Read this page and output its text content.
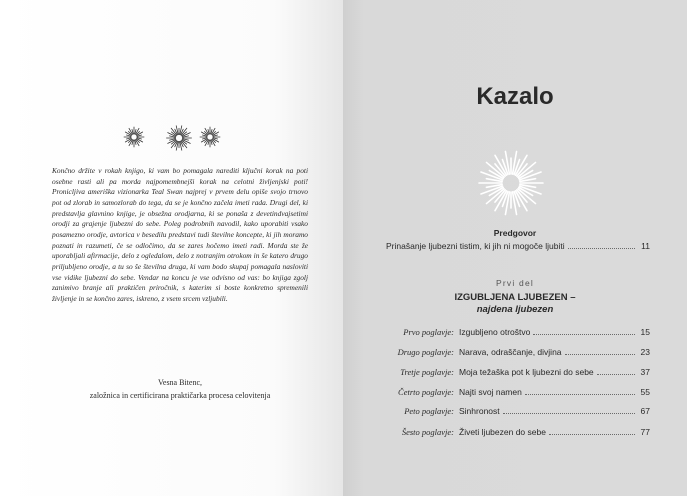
Končno držite v rokah knjigo, ki vam bo pomagala narediti ključni korak na poti osebne rasti ali pa morda najpomembnejši korak na celotni življenjski poti! Pronicljiva ameriška vizionarka Teal Swan najprej v prvem delu opiše svojo trnovo pot od zlorab in samozlorab do tega, da se je končno začela imeti rada. Drugi del, ki predstavlja glavnino knjige, je obsežna orodjarna, ki se ponaša z devetindvajsetimi orodji za grajenje ljubezni do sebe. Poleg podrobnih navodil, kako uporabiti vsako posamezno orodje, avtorica v besedilu predstavi tudi številne koncepte, ki jih moramo poznati in razumeti, če se odločimo, da se zares hočemo imeti radi. Morda ste že uporabljali afirmacije, delo z ogledalom, delo z notranjim otrokom in še katero drugo priljubljeno orodje, a tu so še številna druga, ki vam bodo skupaj pomagala nasloviti vse vidike ljubezni do sebe. Vendar na koncu je vse odvisno od vas: bo knjiga zgolj zanimivo branje ali praktičen priročnik, s katerim si boste konkretno spremenili življenje in se končno zares, iskreno, z vsem srcem vzljubili.

Vesna Bitenc,
založnica in certificirana praktičarka procesa celovitenja
Kazalo
Predgovor
Prinašanje ljubezni tistim, ki jih ni mogoče ljubiti	11
Prvi del
IZGUBLJENA LJUBEZEN –
najdena ljubezen
Prvo poglavje: Izgubljeno otroštvo	15
Drugo poglavje: Narava, odraščanje, divjina	23
Tretje poglavje: Moja težaška pot k ljubezni do sebe	37
Četrto poglavje: Najti svoj namen	55
Peto poglavje: Sinhronost	67
Šesto poglavje: Živeti ljubezen do sebe	77
